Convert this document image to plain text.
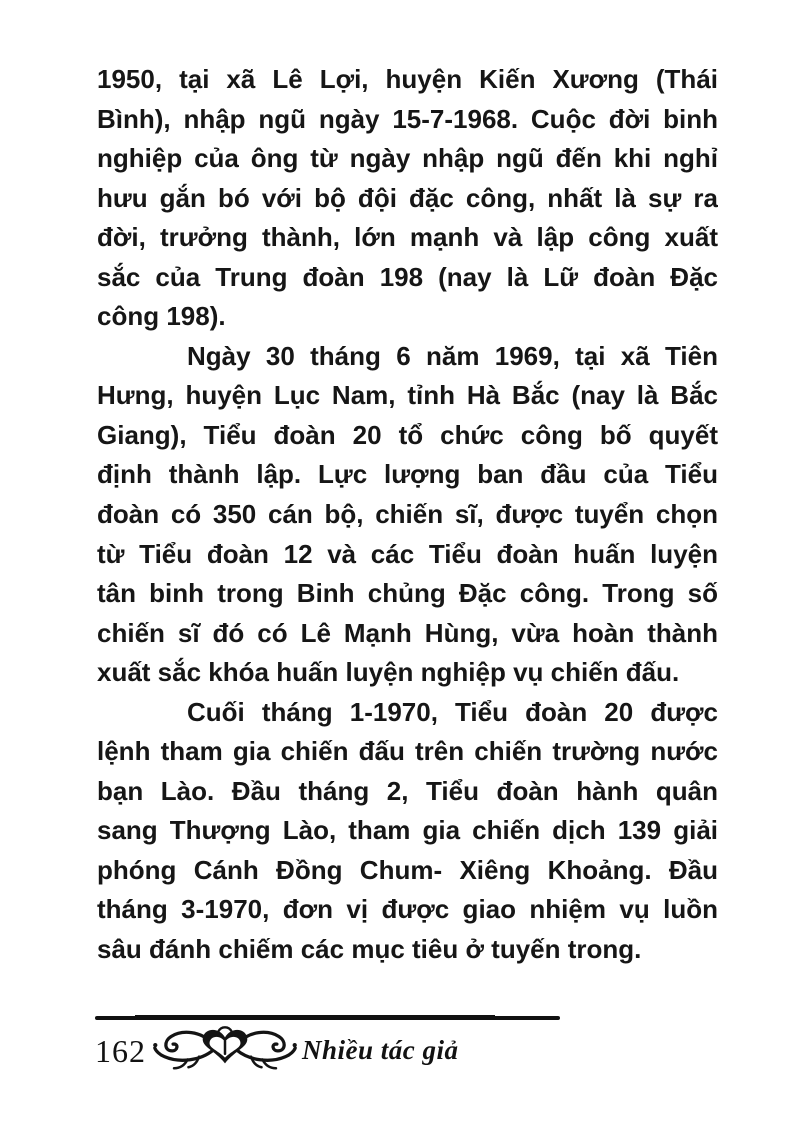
1950, tại xã Lê Lợi, huyện Kiến Xương (Thái
Bình), nhập ngũ ngày 15-7-1968. Cuộc đời binh
nghiệp của ông từ ngày nhập ngũ đến khi nghỉ
hưu gắn bó với bộ đội đặc công, nhất là sự ra
đời, trưởng thành, lớn mạnh và lập công xuất
sắc của Trung đoàn 198 (nay là Lữ đoàn Đặc
công 198).
Ngày 30 tháng 6 năm 1969, tại xã Tiên
Hưng, huyện Lục Nam, tỉnh Hà Bắc (nay là Bắc
Giang), Tiểu đoàn 20 tổ chức công bố quyết
định thành lập. Lực lượng ban đầu của Tiểu
đoàn có 350 cán bộ, chiến sĩ, được tuyển chọn
từ Tiểu đoàn 12 và các Tiểu đoàn huấn luyện
tân binh trong Binh chủng Đặc công. Trong số
chiến sĩ đó có Lê Mạnh Hùng, vừa hoàn thành
xuất sắc khóa huấn luyện nghiệp vụ chiến đấu.
Cuối tháng 1-1970, Tiểu đoàn 20 được
lệnh tham gia chiến đấu trên chiến trường nước
bạn Lào. Đầu tháng 2, Tiểu đoàn hành quân
sang Thượng Lào, tham gia chiến dịch 139 giải
phóng Cánh Đồng Chum- Xiêng Khoảng. Đầu
tháng 3-1970, đơn vị được giao nhiệm vụ luồn
sâu đánh chiếm các mục tiêu ở tuyến trong.
162	Nhiều tác giả
